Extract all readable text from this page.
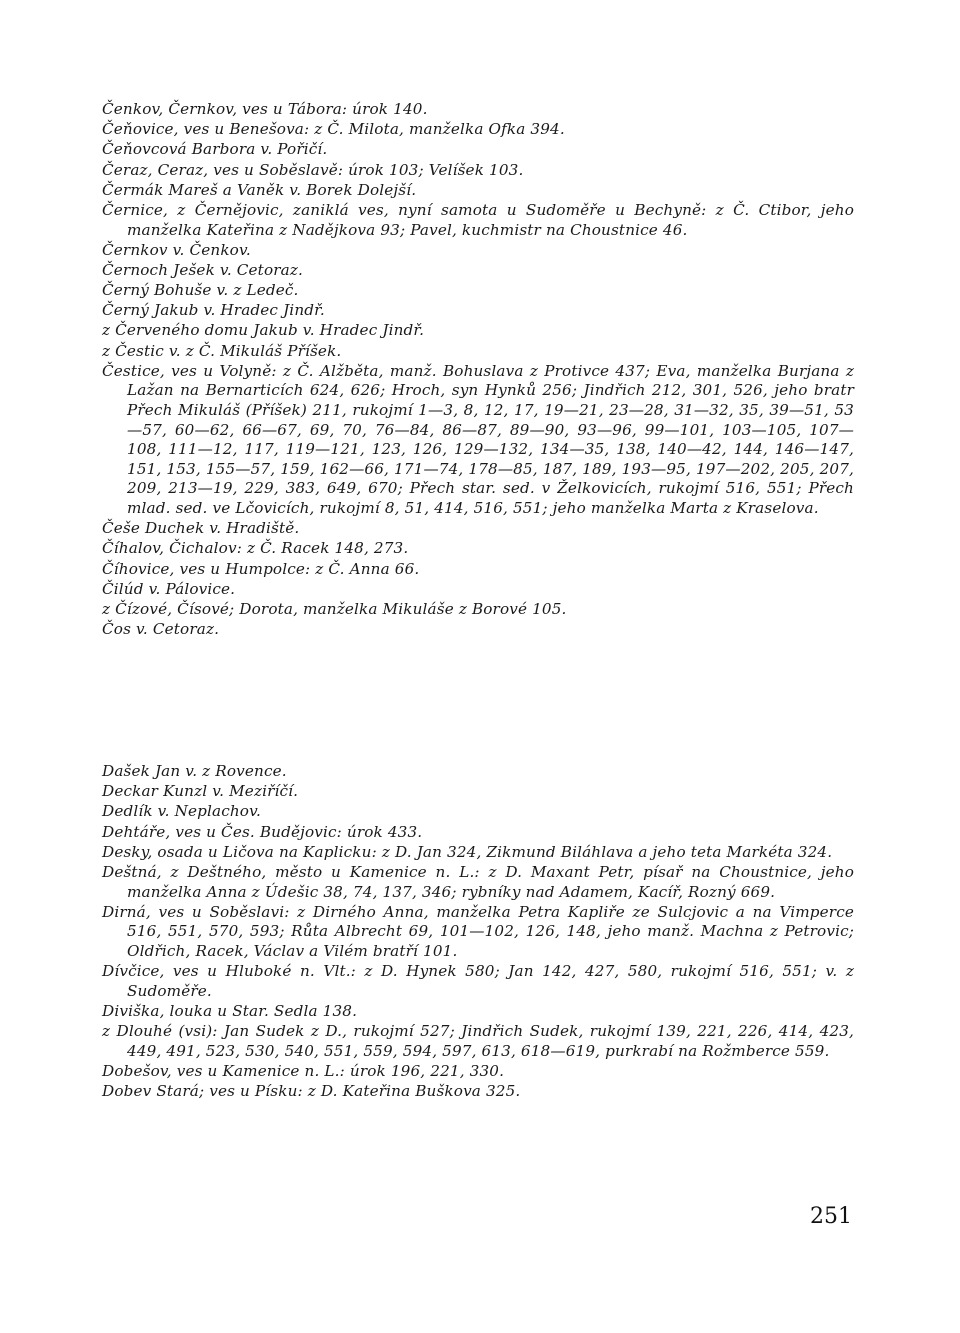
Čenkov, Černkov, ves u Tábora: úrok 140.

Čeňovice, ves u Benešova: z Č. Milota, manželka Ofka 394.

Čeňovcová Barbora v. Pořičí.

Čeraz, Ceraz, ves u Soběslavě: úrok 103; Velíšek 103.

Čermák Mareš a Vaněk v. Borek Dolejší.

Černice, z Černějovic, zaniklá ves, nyní samota u Sudoměře u Bechyně: z Č. Ctibor, jeho manželka Kateřina z Nadějkova 93; Pavel, kuchmistr na Choustnice 46.

Černkov v. Čenkov.

Černoch Ješek v. Cetoraz.

Černý Bohuše v. z Ledeč.

Černý Jakub v. Hradec Jindř.

z Červeného domu Jakub v. Hradec Jindř.

z Čestic v. z Č. Mikuláš Příšek.

Čestice, ves u Volyně: z Č. Alžběta, manž. Bohuslava z Protivce 437; Eva, manželka Burjana z Lažan na Bernarticích 624, 626; Hroch, syn Hynků 256; Jindřich 212, 301, 526, jeho bratr Přech Mikuláš (Příšek) 211, rukojmí 1—3, 8, 12, 17, 19—21, 23—28, 31—32, 35, 39—51, 53—57, 60—62, 66—67, 69, 70, 76—84, 86—87, 89—90, 93—96, 99—101, 103—105, 107—108, 111—12, 117, 119—121, 123, 126, 129—132, 134—35, 138, 140—42, 144, 146—147, 151, 153, 155—57, 159, 162—66, 171—74, 178—85, 187, 189, 193—95, 197—202, 205, 207, 209, 213—19, 229, 383, 649, 670; Přech star. sed. v Želkovicích, rukojmí 516, 551; Přech mlad. sed. ve Lčovicích, rukojmí 8, 51, 414, 516, 551; jeho manželka Marta z Kraselova.

Češe Duchek v. Hradiště.

Číhalov, Čichalov: z Č. Racek 148, 273.

Číhovice, ves u Humpolce: z Č. Anna 66.

Čilúd v. Pálovice.

z Čízové, Čísové; Dorota, manželka Mikuláše z Borové 105.

Čos v. Cetoraz.

Dašek Jan v. z Rovence.

Deckar Kunzl v. Meziříčí.

Dedlík v. Neplachov.

Dehtáře, ves u Čes. Budějovic: úrok 433.

Desky, osada u Ličova na Kaplicku: z D. Jan 324, Zikmund Biláhlava a jeho teta Markéta 324.

Deštná, z Deštného, město u Kamenice n. L.: z D. Maxant Petr, písař na Choustnice, jeho manželka Anna z Údešic 38, 74, 137, 346; rybníky nad Adamem, Kacíř, Rozný 669.

Dirná, ves u Soběslavi: z Dirného Anna, manželka Petra Kapliře ze Sulcjovic a na Vimperce 516, 551, 570, 593; Růta Albrecht 69, 101—102, 126, 148, jeho manž. Machna z Petrovic; Oldřich, Racek, Václav a Vilém bratří 101.

Dívčice, ves u Hluboké n. Vlt.: z D. Hynek 580; Jan 142, 427, 580, rukojmí 516, 551; v. z Sudoměře.

Diviška, louka u Star. Sedla 138.

z Dlouhé (vsi): Jan Sudek z D., rukojmí 527; Jindřich Sudek, rukojmí 139, 221, 226, 414, 423, 449, 491, 523, 530, 540, 551, 559, 594, 597, 613, 618—619, purkrabí na Rožmberce 559.

Dobešov, ves u Kamenice n. L.: úrok 196, 221, 330.

Dobev Stará; ves u Písku: z D. Kateřina Buškova 325.

251
